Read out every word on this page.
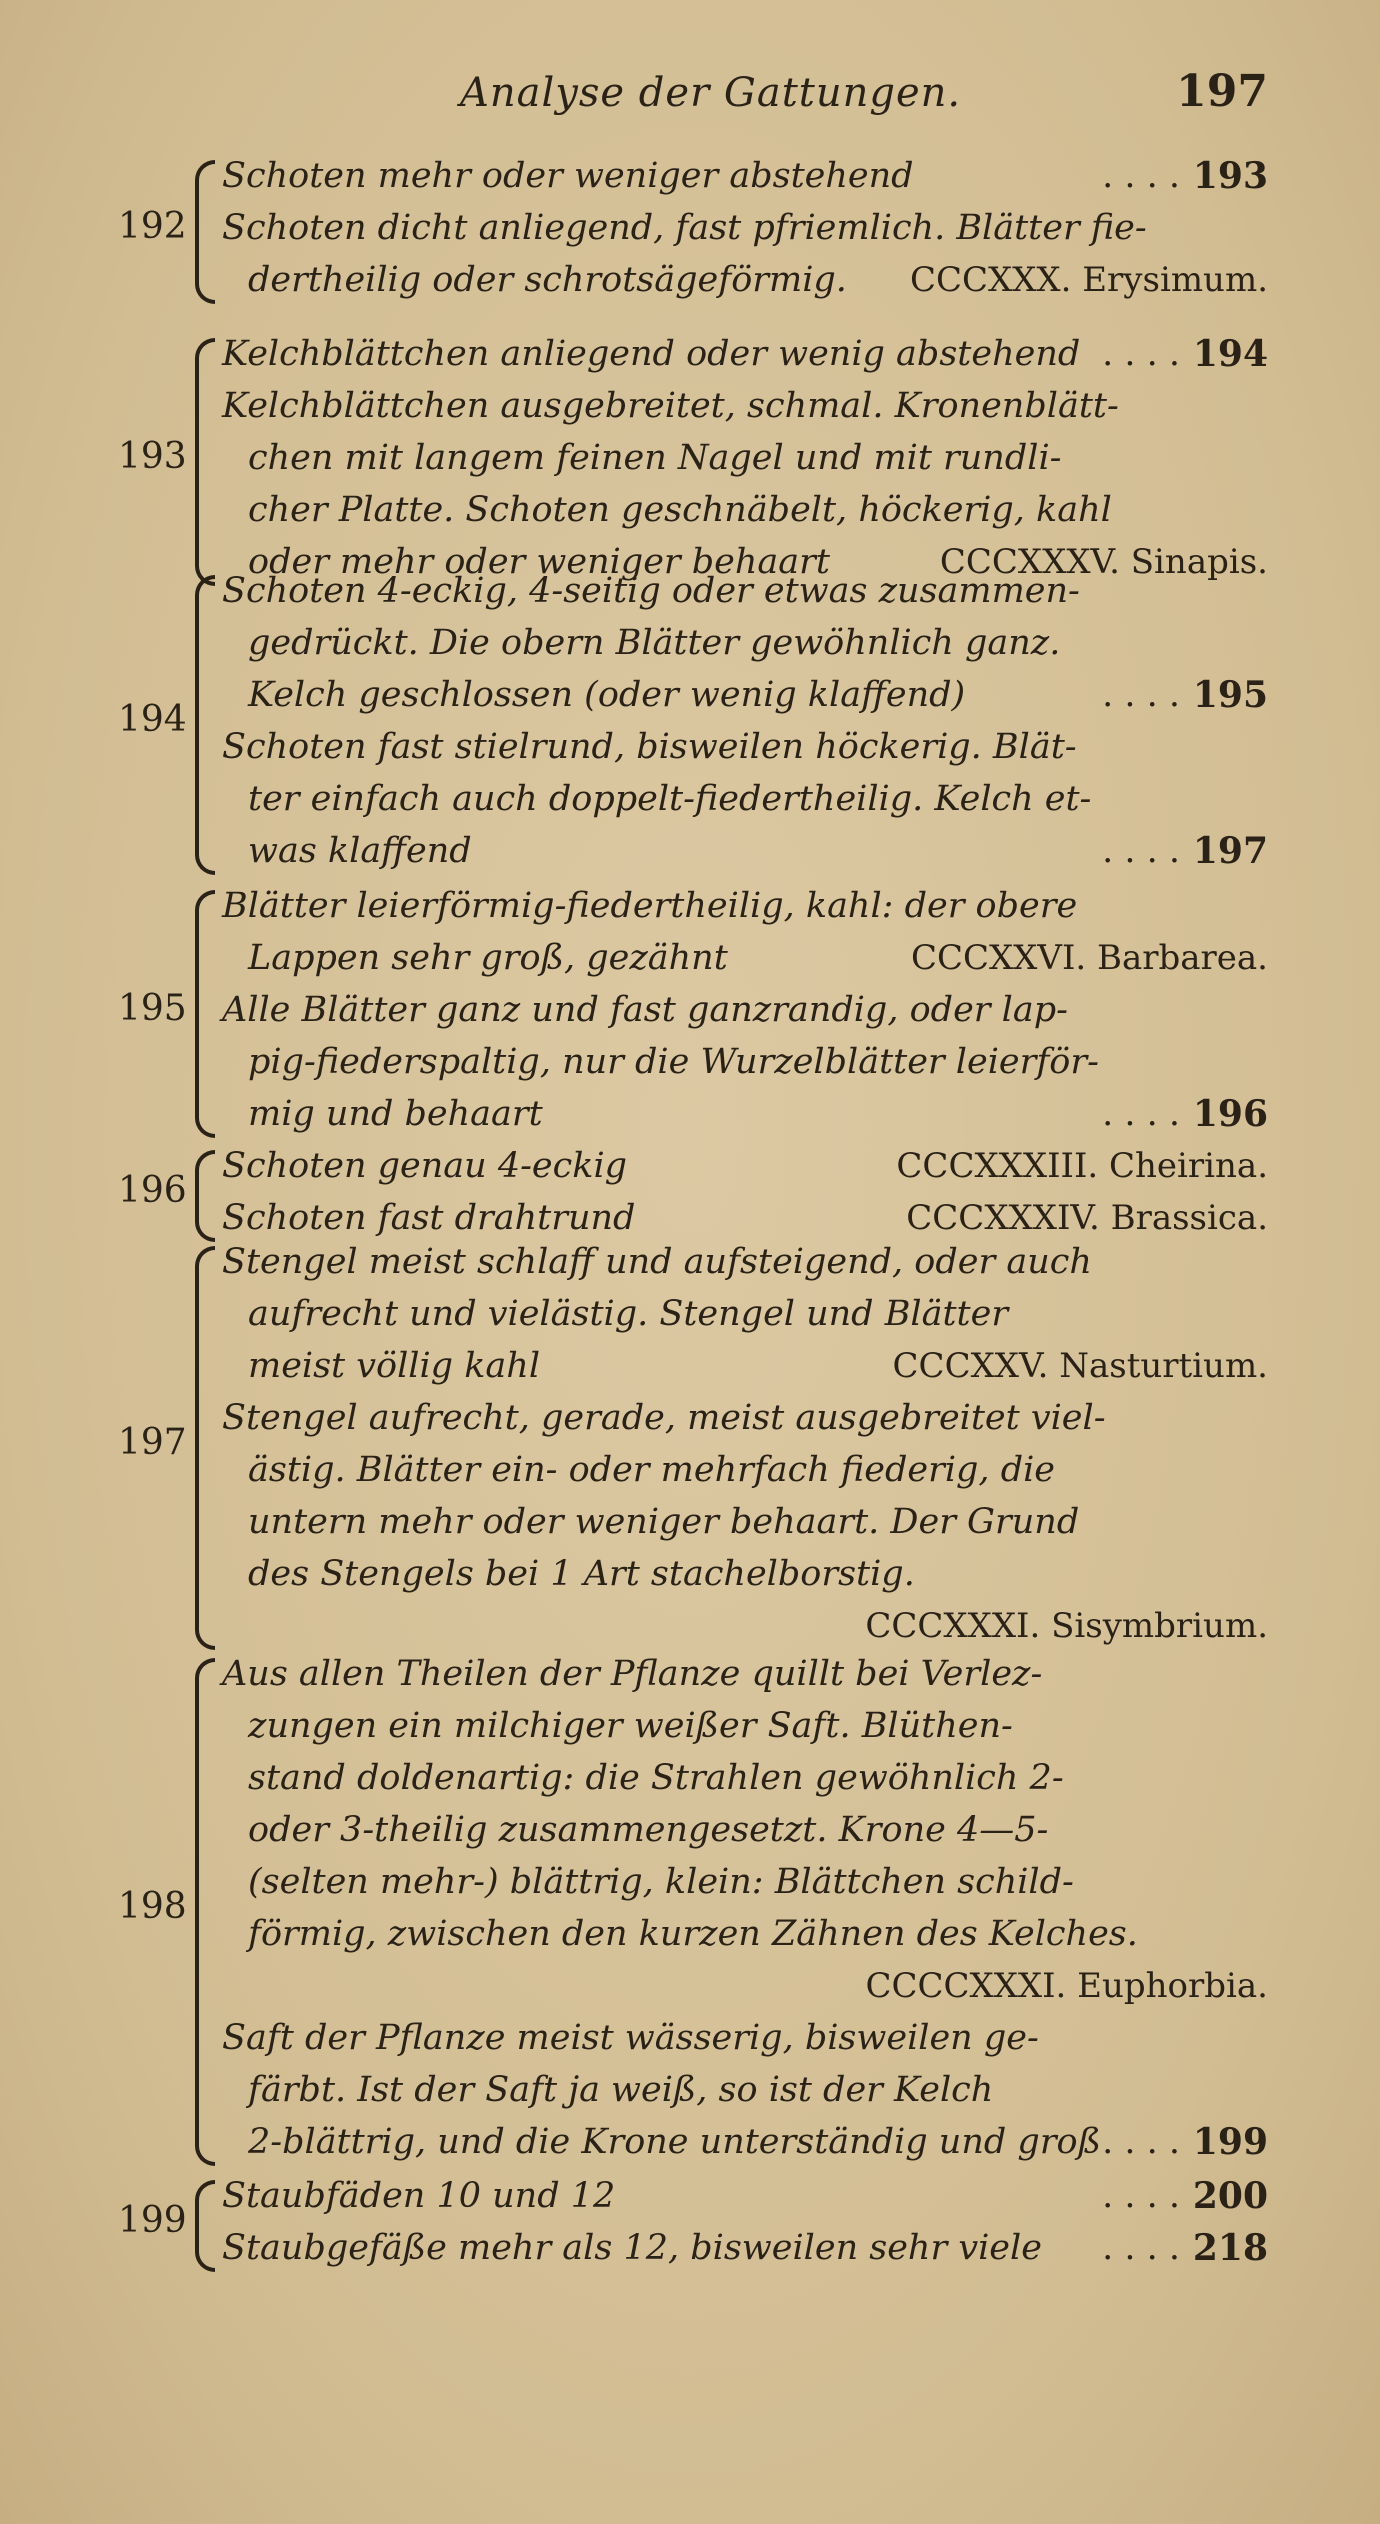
Analyse der Gattungen.	197
192
Schoten mehr oder weniger abstehend	193
. . . .
Schoten dicht anliegend, fast pfriemlich. Blätter fie-
dertheilig oder schrotsägeförmig. CCCXXX. Erysimum.
193
Kelchblättchen anliegend oder wenig abstehend	194
. . . .
Kelchblättchen ausgebreitet, schmal. Kronenblätt-
chen mit langem feinen Nagel und mit rundli-
cher Platte. Schoten geschnäbelt, höckerig, kahl
oder mehr oder weniger behaart	CCCXXXV. Sinapis.
194
Schoten 4-eckig, 4-seitig oder etwas zusammen-
gedrückt. Die obern Blätter gewöhnlich ganz.
Kelch geschlossen (oder wenig klaffend)	195
. . . .
Schoten fast stielrund, bisweilen höckerig. Blät-
ter einfach auch doppelt-fiedertheilig. Kelch et-
was klaffend	197
. . . .
195
Blätter leierförmig-fiedertheilig, kahl: der obere
Lappen sehr groß, gezähnt	CCCXXVI. Barbarea.
Alle Blätter ganz und fast ganzrandig, oder lap-
pig-fiederspaltig, nur die Wurzelblätter leierför-
mig und behaart	196
. . . .
196
Schoten genau 4-eckig	CCCXXXIII. Cheirina.
Schoten fast drahtrund	CCCXXXIV. Brassica.
197
Stengel meist schlaff und aufsteigend, oder auch
aufrecht und vielästig. Stengel und Blätter
meist völlig kahl	CCCXXV. Nasturtium.
Stengel aufrecht, gerade, meist ausgebreitet viel-
ästig. Blätter ein- oder mehrfach fiederig, die
untern mehr oder weniger behaart. Der Grund
des Stengels bei 1 Art stachelborstig.
CCCXXXI. Sisymbrium.
198
Aus allen Theilen der Pflanze quillt bei Verlez-
zungen ein milchiger weißer Saft. Blüthen-
stand doldenartig: die Strahlen gewöhnlich 2-
oder 3-theilig zusammengesetzt. Krone 4—5-
(selten mehr-) blättrig, klein: Blättchen schild-
förmig, zwischen den kurzen Zähnen des Kelches.
CCCCXXXI. Euphorbia.
Saft der Pflanze meist wässerig, bisweilen ge-
färbt. Ist der Saft ja weiß, so ist der Kelch
2-blättrig, und die Krone unterständig und groß	199
. . . .
199
Staubfäden 10 und 12	200
. . . .
Staubgefäße mehr als 12, bisweilen sehr viele	218
. . . .
